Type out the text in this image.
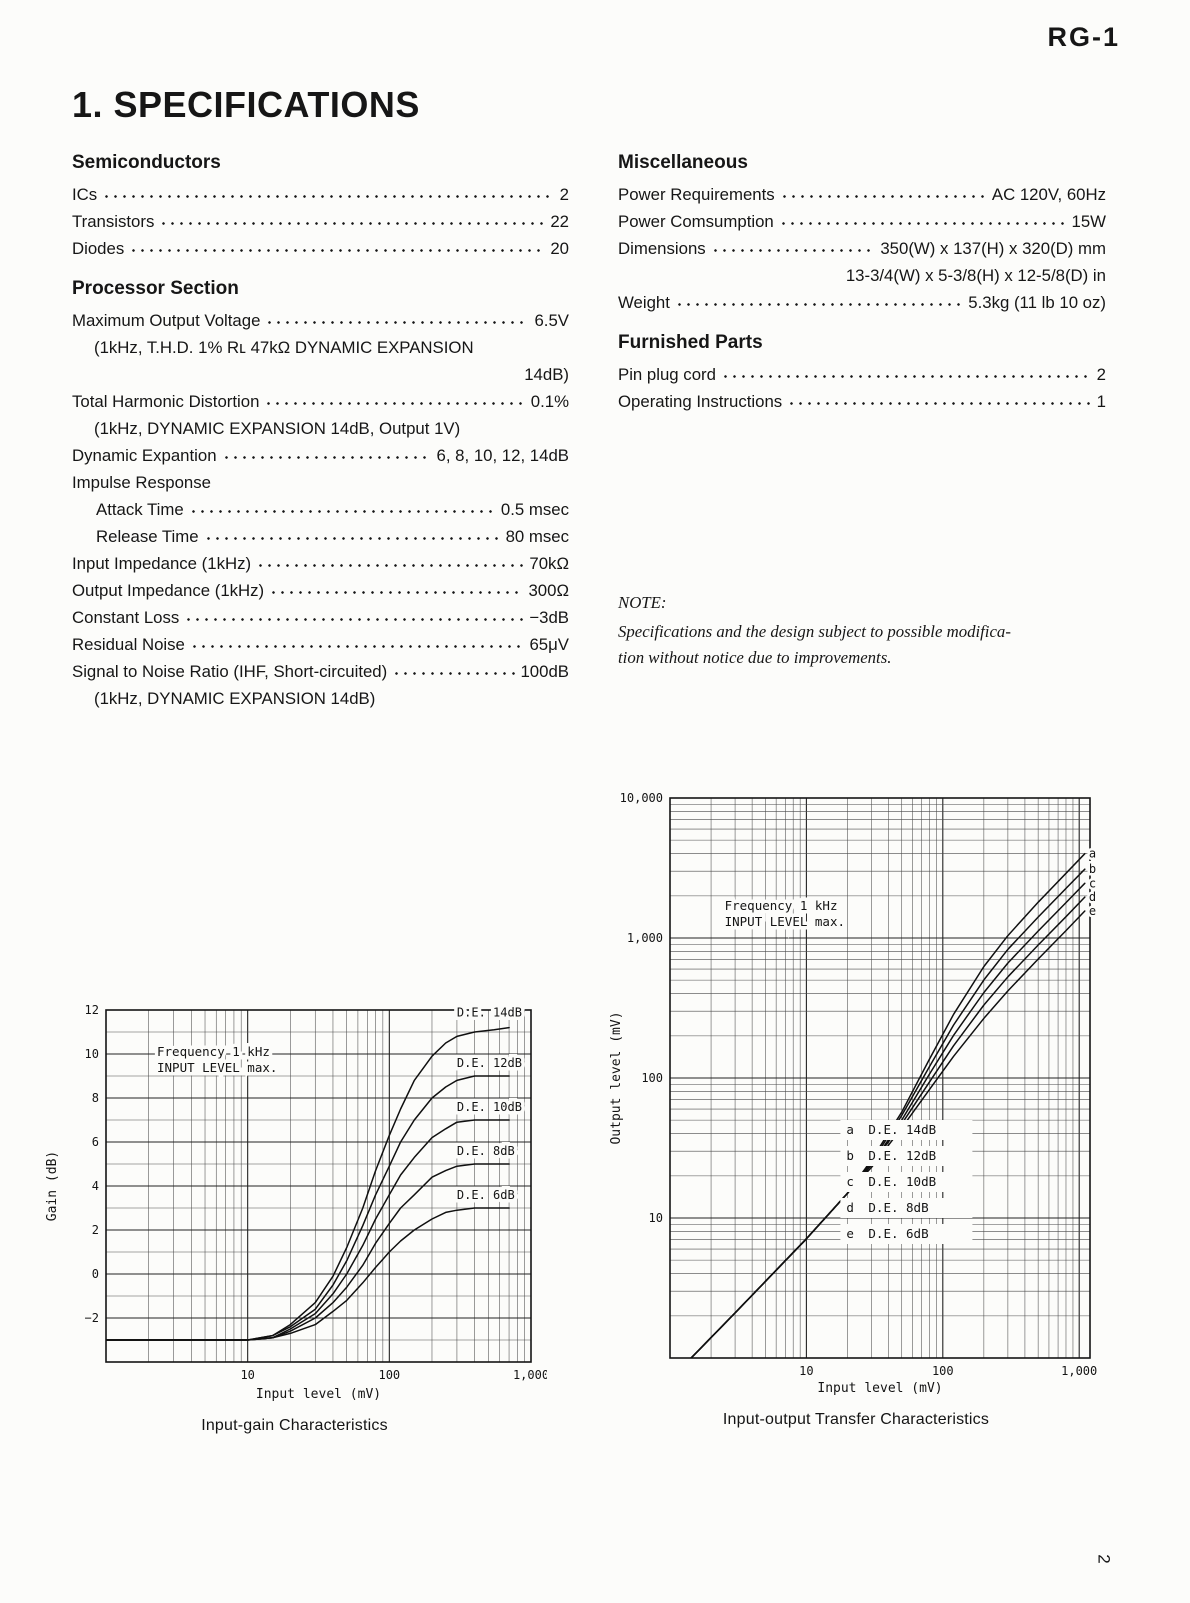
RG-1
1. SPECIFICATIONS
Semiconductors
ICs	2
Transistors	22
Diodes	20
Processor Section
Maximum Output Voltage	6.5V
(1kHz, T.H.D. 1% Rʟ 47kΩ DYNAMIC EXPANSION
14dB)
Total Harmonic Distortion	0.1%
(1kHz, DYNAMIC EXPANSION 14dB, Output 1V)
Dynamic Expantion	6, 8, 10, 12, 14dB
Impulse Response
Attack Time	0.5 msec
Release Time	80 msec
Input Impedance (1kHz)	70kΩ
Output Impedance (1kHz)	300Ω
Constant Loss	−3dB
Residual Noise	65μV
Signal to Noise Ratio (IHF, Short-circuited)	100dB
(1kHz, DYNAMIC EXPANSION 14dB)
Miscellaneous
Power Requirements	AC 120V, 60Hz
Power Comsumption	15W
Dimensions	350(W) x 137(H) x 320(D) mm
13-3/4(W) x 5-3/8(H) x 12-5/8(D) in
Weight	5.3kg (11 lb 10 oz)
Furnished Parts
Pin plug cord	2
Operating Instructions	1
NOTE:
Specifications and the design subject to possible modifica-
tion without notice due to improvements.
10	100	1,000
12
10
8
6
4
2
0
−2
D.E. 14dB
D.E. 12dB
D.E. 10dB
D.E. 8dB
D.E. 6dB
Frequency 1 kHz
INPUT LEVEL max.
Input level (mV)
Gain (dB)
Input-gain Characteristics
10	100	1,000
10,000
1,000
100
10
a
b
c
d
e
Frequency 1 kHz
INPUT LEVEL max.
a D.E. 14dB
b D.E. 12dB
c D.E. 10dB
d D.E. 8dB
e D.E. 6dB
Input level (mV)
Output level (mV)
Input-output Transfer Characteristics
2
